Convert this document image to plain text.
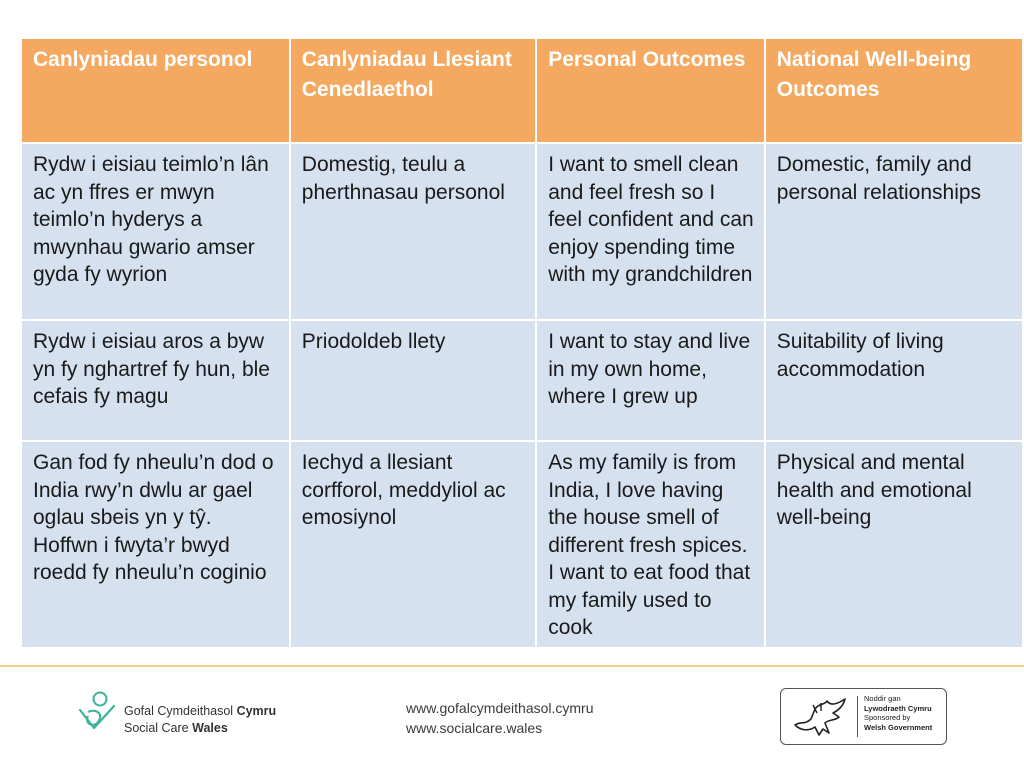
Canlyniadau personol	Canlyniadau Llesiant Cenedlaethol	Personal Outcomes	National Well-being Outcomes
Rydw i eisiau teimlo’n lân ac yn ffres er mwyn teimlo’n hyderys a mwynhau gwario amser gyda fy wyrion	Domestig, teulu a pherthnasau personol	I want to smell clean and feel fresh so I feel confident and can enjoy spending time with my grandchildren	Domestic, family and personal relationships
Rydw i eisiau aros a byw yn fy nghartref fy hun, ble cefais fy magu	Priodoldeb llety	I want to stay and live in my own home, where I grew up	Suitability of living accommodation
Gan fod fy nheulu’n dod o India rwy’n dwlu ar gael oglau sbeis yn y tŷ. Hoffwn i fwyta’r bwyd roedd fy nheulu’n coginio	Iechyd a llesiant corfforol, meddyliol ac emosiynol	As my family is from India, I love having the house smell of different fresh spices. I want to eat food that my family used to cook	Physical and mental health and emotional well-being
Gofal Cymdeithasol Cymru
Social Care Wales
www.gofalcymdeithasol.cymru
www.socialcare.wales
Noddir gan
Lywodraeth Cymru
Sponsored by
Welsh Government
